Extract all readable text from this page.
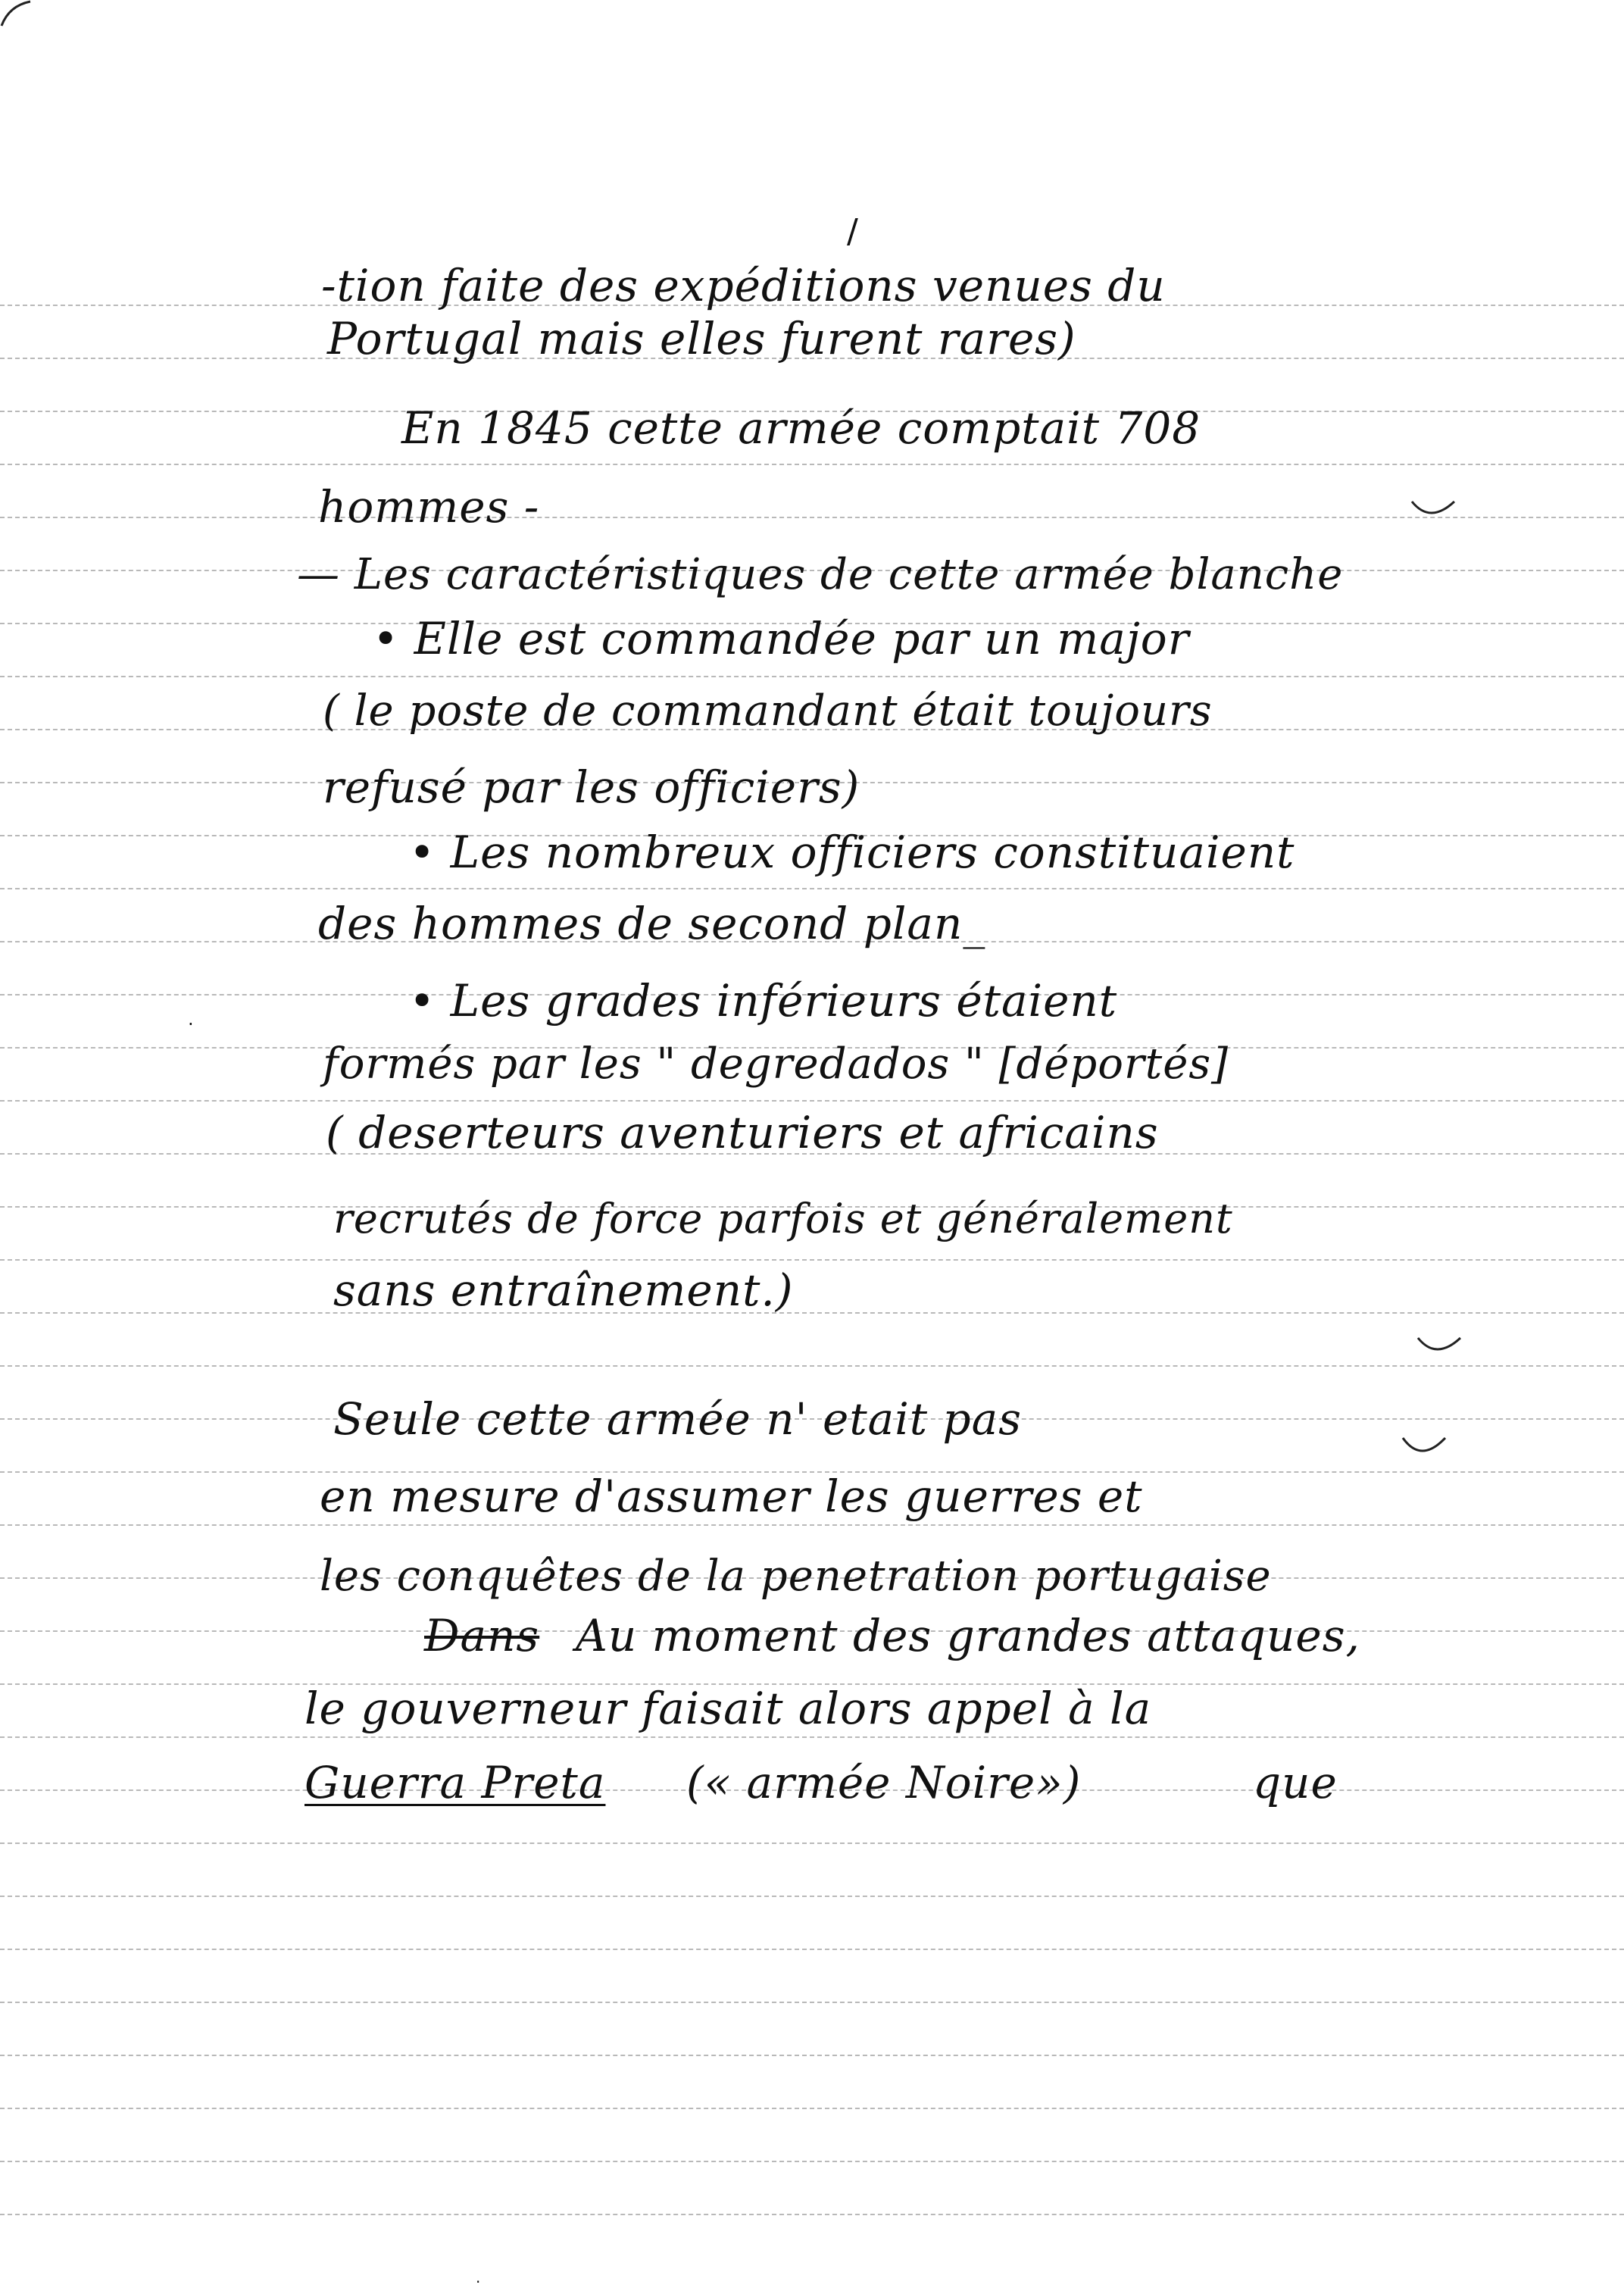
/
·
·
-tion faite des expéditions venues du
Portugal mais elles furent rares)
En 1845 cette armée comptait 708
hommes -
— Les caractéristiques de cette armée blanche
• Elle est commandée par un major
( le poste de commandant était toujours
refusé par les officiers)
• Les nombreux officiers constituaient
des hommes de second plan_
• Les grades inférieurs étaient
formés par les " degredados " [déportés]
( deserteurs aventuriers et africains
recrutés de force parfois et généralement
sans entraînement.)
Seule cette armée n' etait pas
en mesure d'assumer les guerres et
les conquêtes de la penetration portugaise
Dans Au moment des grandes attaques,
le gouverneur faisait alors appel à la
Guerra Preta (« armée Noire»)	que
